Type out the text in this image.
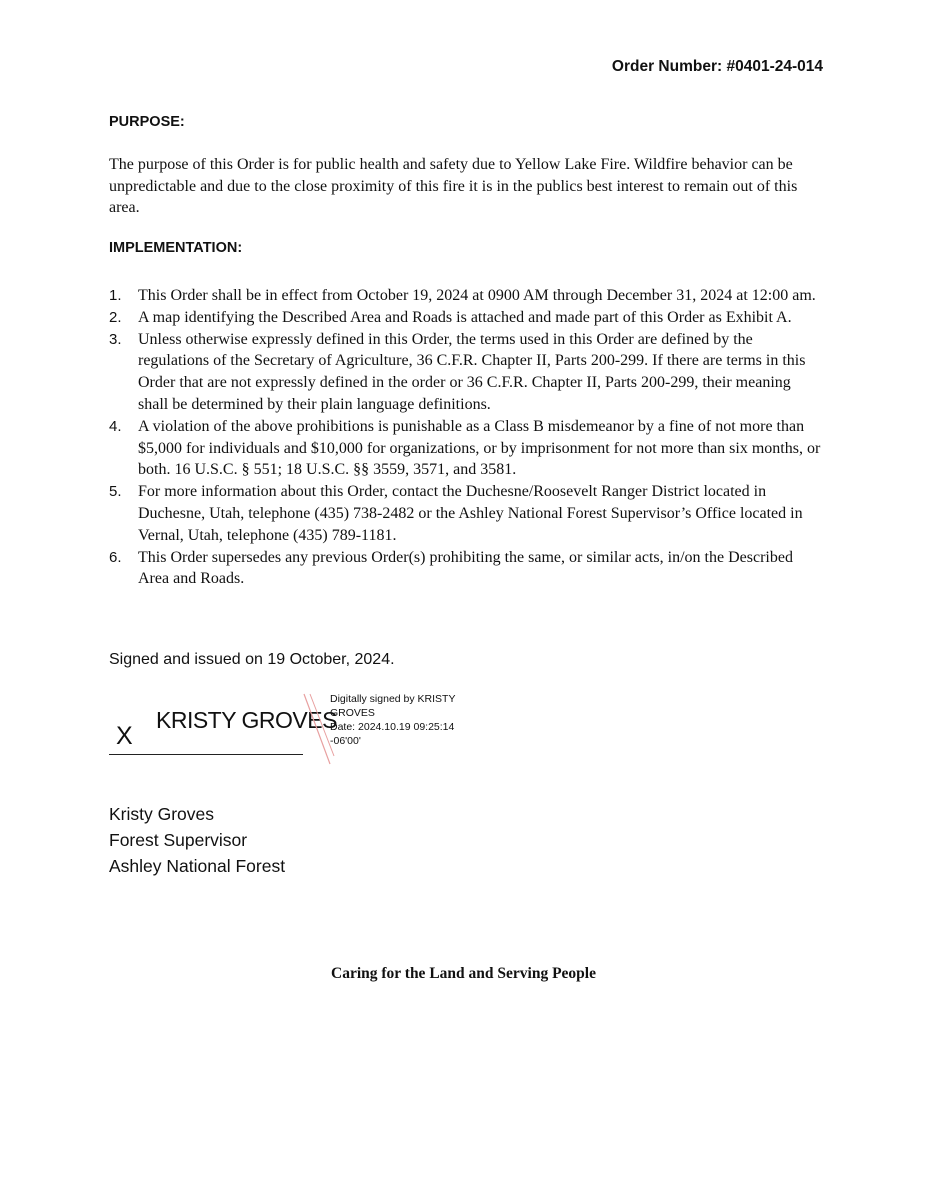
Order Number: #0401-24-014
PURPOSE:
The purpose of this Order is for public health and safety due to Yellow Lake Fire. Wildfire behavior can be unpredictable and due to the close proximity of this fire it is in the publics best interest to remain out of this area.
IMPLEMENTATION:
1.	This Order shall be in effect from October 19, 2024 at 0900 AM through December 31, 2024 at 12:00 am.
2.	A map identifying the Described Area and Roads is attached and made part of this Order as Exhibit A.
3.	Unless otherwise expressly defined in this Order, the terms used in this Order are defined by the regulations of the Secretary of Agriculture, 36 C.F.R. Chapter II, Parts 200-299. If there are terms in this Order that are not expressly defined in the order or 36 C.F.R. Chapter II, Parts 200-299, their meaning shall be determined by their plain language definitions.
4.	A violation of the above prohibitions is punishable as a Class B misdemeanor by a fine of not more than $5,000 for individuals and $10,000 for organizations, or by imprisonment for not more than six months, or both. 16 U.S.C. § 551; 18 U.S.C. §§ 3559, 3571, and 3581.
5.	For more information about this Order, contact the Duchesne/Roosevelt Ranger District located in Duchesne, Utah, telephone (435) 738-2482 or the Ashley National Forest Supervisor’s Office located in Vernal, Utah, telephone (435) 789-1181.
6.	This Order supersedes any previous Order(s) prohibiting the same, or similar acts, in/on the Described Area and Roads.
Signed and issued on 19 October, 2024.
X
KRISTY GROVES
Digitally signed by KRISTY
GROVES
Date: 2024.10.19 09:25:14
-06'00'
Kristy Groves
Forest Supervisor
Ashley National Forest
Caring for the Land and Serving People
